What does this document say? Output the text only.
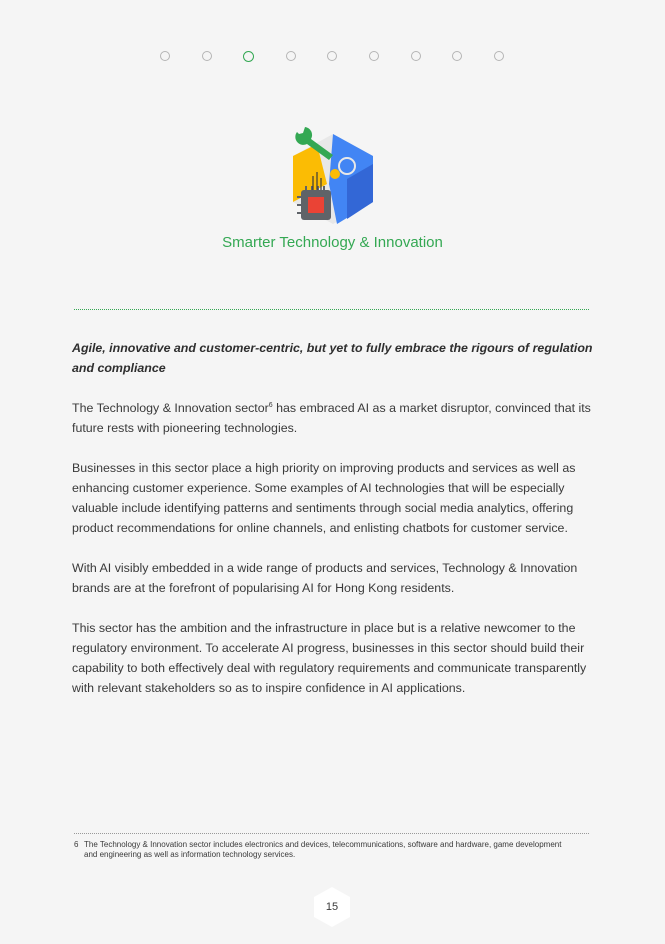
Smarter Technology & Innovation

Agile, innovative and customer-centric, but yet to fully embrace the rigours of regulation and compliance

The Technology & Innovation sector$^6$ has embraced AI as a market disruptor, convinced that its future rests with pioneering technologies.

Businesses in this sector place a high priority on improving products and services as well as enhancing customer experience. Some examples of AI technologies that will be especially valuable include identifying patterns and sentiments through social media analytics, offering product recommendations for online channels, and enlisting chatbots for customer service.

With AI visibly embedded in a wide range of products and services, Technology & Innovation brands are at the forefront of popularising AI for Hong Kong residents.

This sector has the ambition and the infrastructure in place but is a relative newcomer to the regulatory environment. To accelerate AI progress, businesses in this sector should build their capability to both effectively deal with regulatory requirements and communicate transparently with relevant stakeholders so as to inspire confidence in AI applications.

6 The Technology & Innovation sector includes electronics and devices, telecommunications, software and hardware, game development and engineering as well as information technology services.
15
